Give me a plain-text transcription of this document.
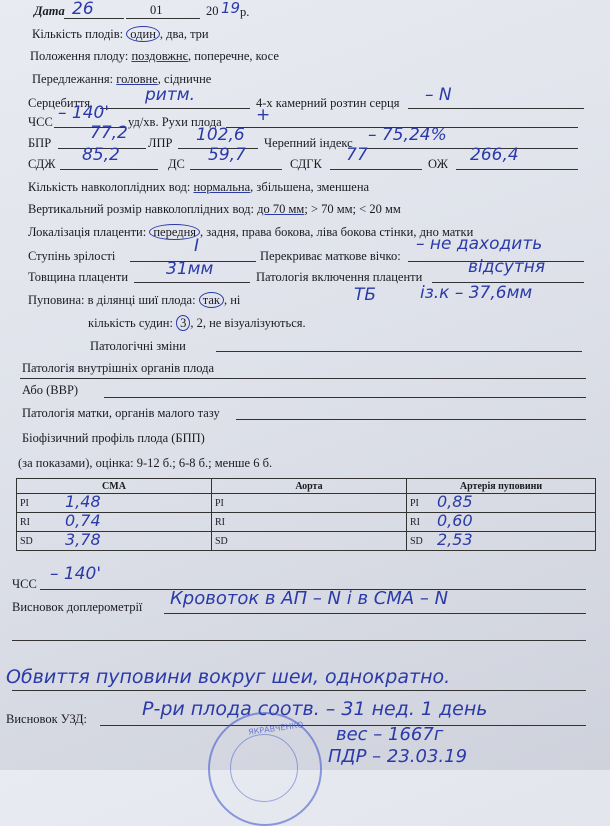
Дата 26	01	20 19 р.
Кількість плодів: один , два, три
Положення плоду: поздовжнє, поперечне, косе
Передлежання: головне, сідничне
Серцебиття	ритм.	4-х камерний розтин серця – N
ЧСС – 140' уд/хв. Рухи плода +
БПР 77,2 ЛПР 102,6 Черепний індекс – 75,24%
СДЖ 85,2	ДС 59,7	СДГК 77	ОЖ 266,4
Кількість навколоплідних вод: нормальна, збільшена, зменшена
Вертикальний розмір навколоплідних вод: до 70 мм; > 70 мм; < 20 мм
Локалізація плаценти: передня , задня, права бокова, ліва бокова стінки, дно матки
Ступінь зрілості	I	Перекриває маткове вічко:
– не даходить
Товщина плаценти 31мм	Патологія включення плаценти	відсутня
Пуповина: в ділянці шиї плода: так , ні	ТБ	із.к – 37,6мм
кількість судин: 3 , 2, не візуалізуються.
Патологічні зміни
Патологія внутрішніх органів плода
Або (ВВР)
Патологія матки, органів малого тазу
Біофізичний профіль плода (БПП)
(за показами), оцінка: 9-12 б.; 6-8 б.; менше 6 б.
СМА	Аорта	Артерія пуповини
PI 1,48	PI	PI 0,85

RI 0,74	RI	RI 0,60

SD 3,78	SD	SD 2,53
ЧСС – 140'
Висновок доплерометрії Кровоток в АП – N і в СМА – N
Обвиття пуповини вокруг шеи, однократно.
Висновок УЗД:	Р-ри плода соотв. – 31 нед. 1 день
ЯКРАВЧЕНКО вес – 1667г
ПДР – 23.03.19
